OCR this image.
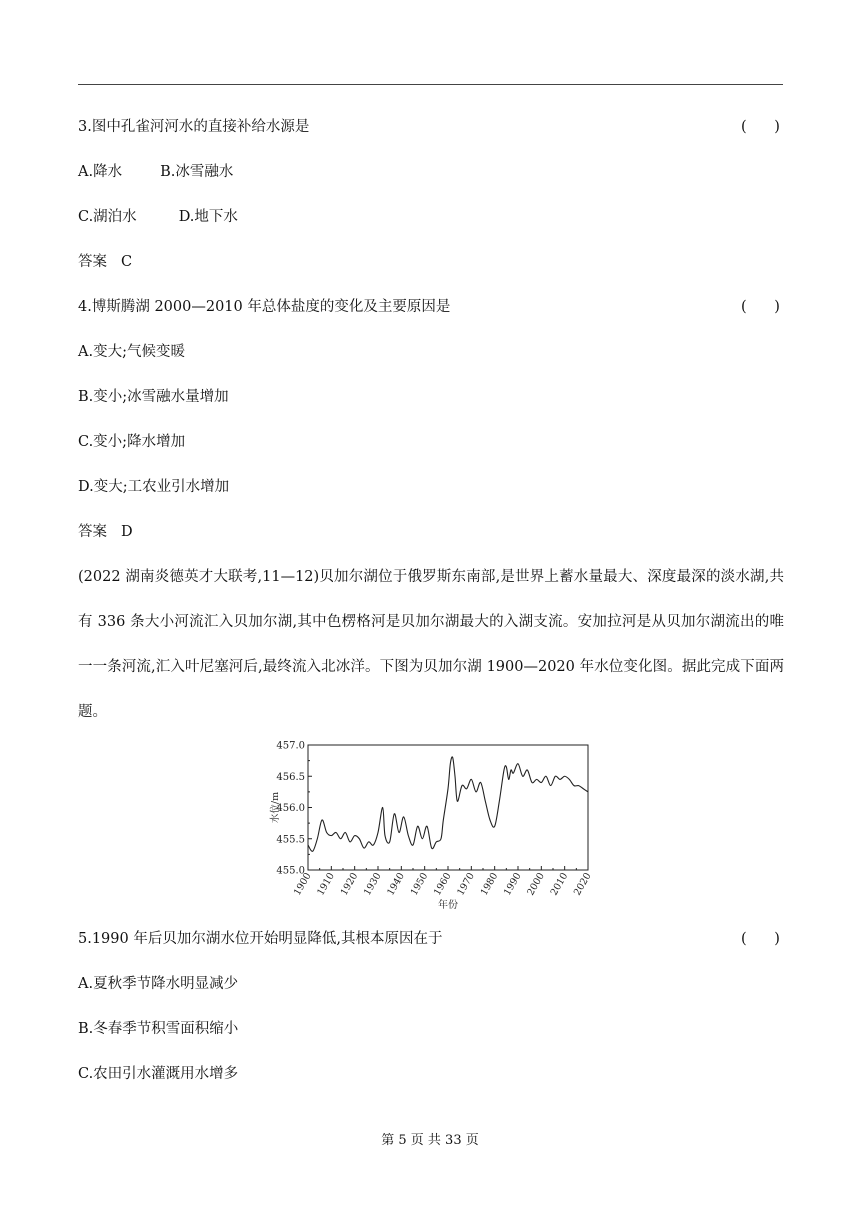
3.图中孔雀河河水的直接补给水源是	(      )
A.降水	B.冰雪融水
C.湖泊水	D.地下水
答案 C
4.博斯腾湖 2000—2010 年总体盐度的变化及主要原因是	(      )
A.变大;气候变暖
B.变小;冰雪融水量增加
C.变小;降水增加
D.变大;工农业引水增加
答案 D
(2022 湖南炎德英才大联考,11—12)贝加尔湖位于俄罗斯东南部,是世界上蓄水量最大、深度最深的淡水湖,共有 336 条大小河流汇入贝加尔湖,其中色楞格河是贝加尔湖最大的入湖支流。安加拉河是从贝加尔湖流出的唯一一条河流,汇入叶尼塞河后,最终流入北冰洋。下图为贝加尔湖 1900—2020 年水位变化图。据此完成下面两题。
455.0
455.5
456.0
456.5
457.0
1900 1910 1920 1930 1940 1950 1960 1970 1980 1990 2000 2010 2020
水位/m
年份
5.1990 年后贝加尔湖水位开始明显降低,其根本原因在于	(      )
A.夏秋季节降水明显减少
B.冬春季节积雪面积缩小
C.农田引水灌溉用水增多
第 5 页 共 33 页
